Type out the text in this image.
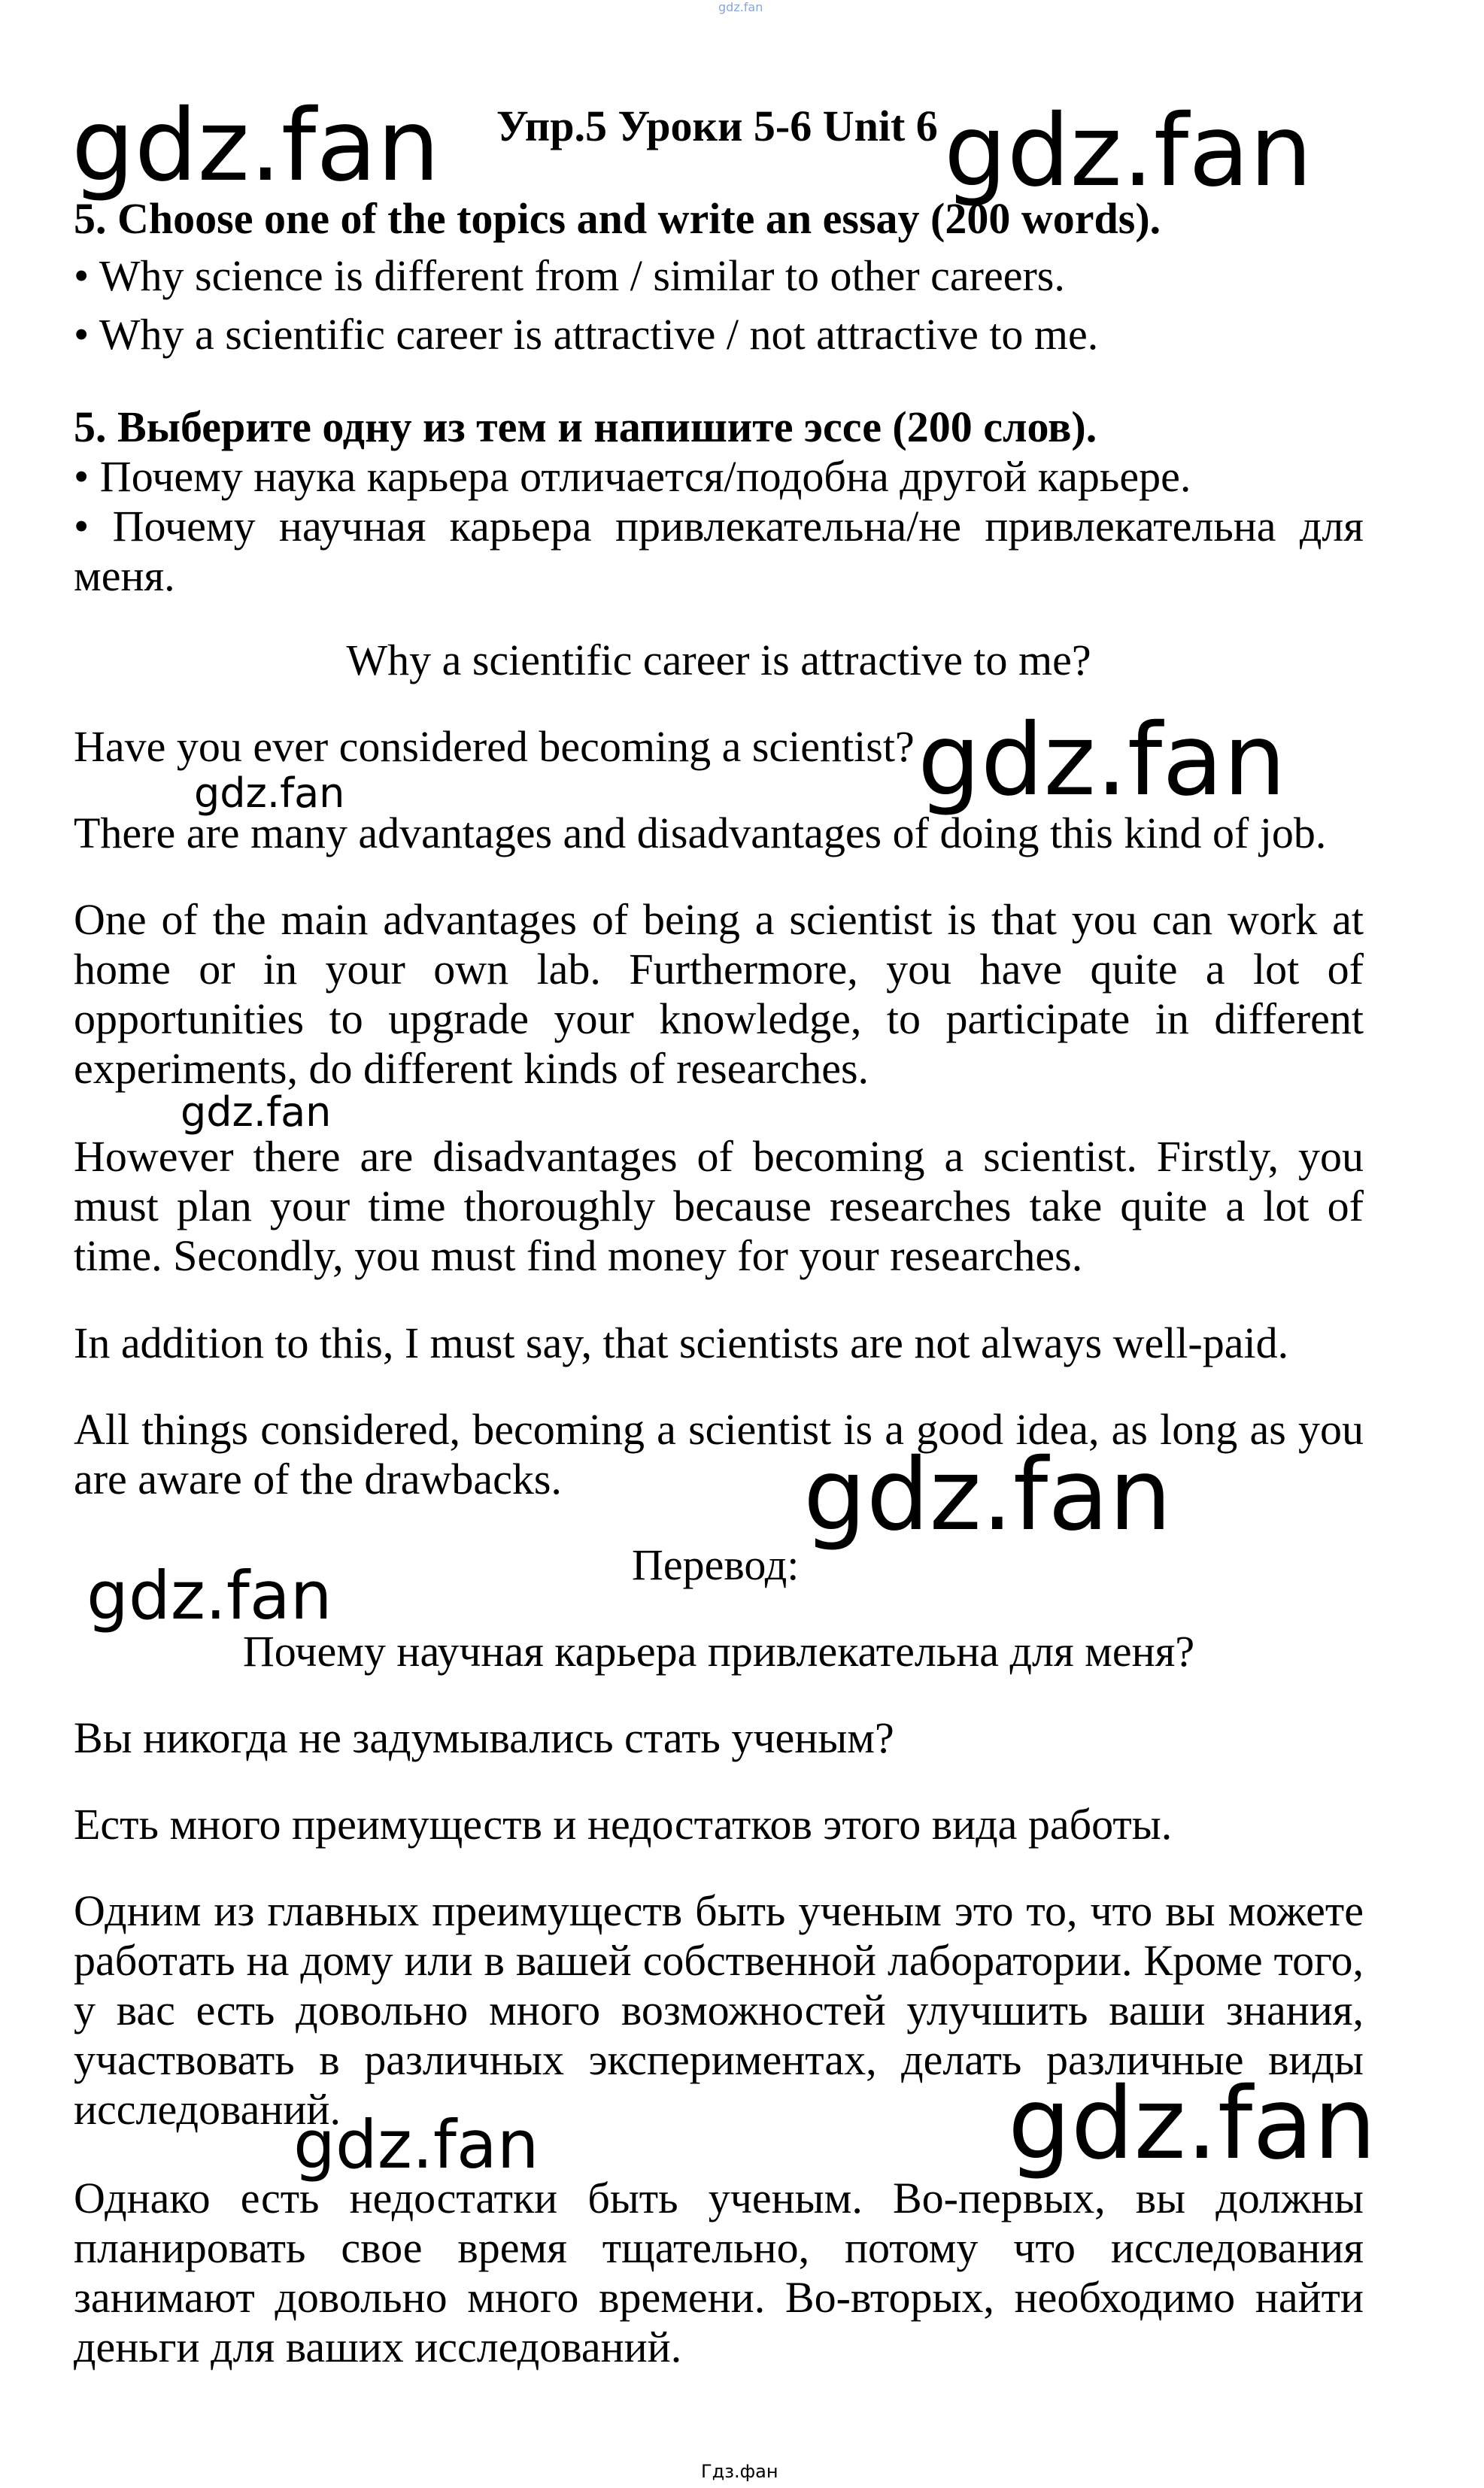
gdz.fan
Упр.5 Уроки 5-6 Unit 6
5. Choose one of the topics and write an essay (200 words).
• Why science is different from / similar to other careers.
• Why a scientific career is attractive / not attractive to me.
5. Выберите одну из тем и напишите эссе (200 слов).
• Почему наука карьера отличается/подобна другой карьере.
• Почему научная карьера привлекательна/не привлекательна для меня.
Why a scientific career is attractive to me?
Have you ever considered becoming a scientist?
There are many advantages and disadvantages of doing this kind of job.
One of the main advantages of being a scientist is that you can work at home or in your own lab. Furthermore, you have quite a lot of opportunities to upgrade your knowledge, to participate in different experiments, do different kinds of researches.
However there are disadvantages of becoming a scientist. Firstly, you must plan your time thoroughly because researches take quite a lot of time. Secondly, you must find money for your researches.
In addition to this, I must say, that scientists are not always well-paid.
All things considered, becoming a scientist is a good idea, as long as you are aware of the drawbacks.
Перевод:
Почему научная карьера привлекательна для меня?
Вы никогда не задумывались стать ученым?
Есть много преимуществ и недостатков этого вида работы.
Одним из главных преимуществ быть ученым это то, что вы можете работать на дому или в вашей собственной лаборатории. Кроме того, у вас есть довольно много возможностей улучшить ваши знания, участвовать в различных экспериментах, делать различные виды исследований.
Однако есть недостатки быть ученым. Во-первых, вы должны планировать свое время тщательно, потому что исследования занимают довольно много времени. Во-вторых, необходимо найти деньги для ваших исследований.
gdz.fan	gdz.fan
gdz.fan
gdz.fan
gdz.fan
gdz.fan
gdz.fan
gdz.fan
gdz.fan
Гдз.фан
